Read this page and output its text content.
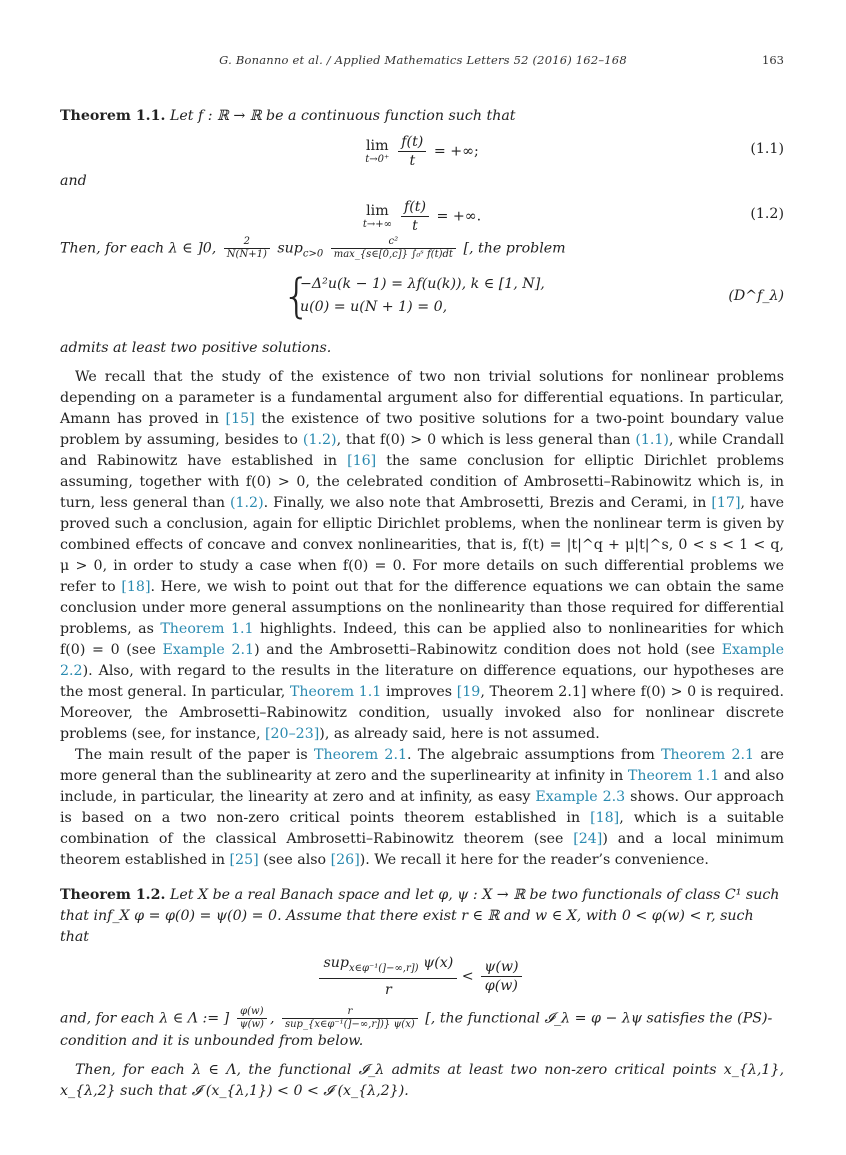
G. Bonanno et al. / Applied Mathematics Letters 52 (2016) 162–168	163

Theorem 1.1. Let f : ℝ → ℝ be a continuous function such that

lim
$t\to 0^+ \frac{f(t)}{t}$ = +∞;	(1.1)

and

lim
$t\to+\infty \frac{f(t)}{t}$ = +∞.	(1.2)

Then, for each λ ∈ ]0, $\frac{2}{N(N+1)} sup_{c>0} \frac{\text{c²}}{\text{max\_\{s∈[0,c]\} ∫₀ˢ f(t)dt}}$ [, the problem

{
−Δ²u(k − 1) = λf(u(k)), k ∈ [1, N],
u(0) = u(N + 1) = 0,
(D^f_λ)

admits at least two positive solutions.

We recall that the study of the existence of two non trivial solutions for nonlinear problems depending on a parameter is a fundamental argument also for differential equations. In particular, Amann has proved in [15] the existence of two positive solutions for a two-point boundary value problem by assuming, besides to (1.2), that f(0) > 0 which is less general than (1.1), while Crandall and Rabinowitz have established in [16] the same conclusion for elliptic Dirichlet problems assuming, together with f(0) > 0, the celebrated condition of Ambrosetti–Rabinowitz which is, in turn, less general than (1.2). Finally, we also note that Ambrosetti, Brezis and Cerami, in [17], have proved such a conclusion, again for elliptic Dirichlet problems, when the nonlinear term is given by combined effects of concave and convex nonlinearities, that is, f(t) = |t|^q + μ|t|^s, 0 < s < 1 < q, μ > 0, in order to study a case when f(0) = 0. For more details on such differential problems we refer to [18]. Here, we wish to point out that for the difference equations we can obtain the same conclusion under more general assumptions on the nonlinearity than those required for differential problems, as Theorem 1.1 highlights. Indeed, this can be applied also to nonlinearities for which f(0) = 0 (see Example 2.1) and the Ambrosetti–Rabinowitz condition does not hold (see Example 2.2). Also, with regard to the results in the literature on difference equations, our hypotheses are the most general. In particular, Theorem 1.1 improves [19, Theorem 2.1] where f(0) > 0 is required. Moreover, the Ambrosetti–Rabinowitz condition, usually invoked also for nonlinear discrete problems (see, for instance, [20–23]), as already said, here is not assumed.

The main result of the paper is Theorem 2.1. The algebraic assumptions from Theorem 2.1 are more general than the sublinearity at zero and the superlinearity at infinity in Theorem 1.1 and also include, in particular, the linearity at zero and at infinity, as easy Example 2.3 shows. Our approach is based on a two non-zero critical points theorem established in [18], which is a suitable combination of the classical Ambrosetti–Rabinowitz theorem (see [24]) and a local minimum theorem established in [25] (see also [26]). We recall it here for the reader’s convenience.

Theorem 1.2. Let X be a real Banach space and let φ, ψ : X → ℝ be two functionals of class C¹ such that inf_X φ = φ(0) = ψ(0) = 0. Assume that there exist r ∈ ℝ and w ∈ X, with 0 < φ(w) < r, such that

sup$_{x\in\varphi^{-1}(]-\infty,r])}$ ψ(x)
r
< $\frac{\psi(w)}{\varphi(w)}$

and, for each λ ∈ Λ := ] $\frac{\varphi(w)}{\psi(w)}$ , $\frac{r}{\text{sup\_\{x∈φ⁻¹(]−∞,r])\} ψ(x)}}$ [, the functional 𝓘_λ = φ − λψ satisfies the (PS)-condition and it is unbounded from below.

Then, for each λ ∈ Λ, the functional 𝓘_λ admits at least two non-zero critical points x_{λ,1}, x_{λ,2} such that 𝓘 (x_{λ,1}) < 0 < 𝓘 (x_{λ,2}).
